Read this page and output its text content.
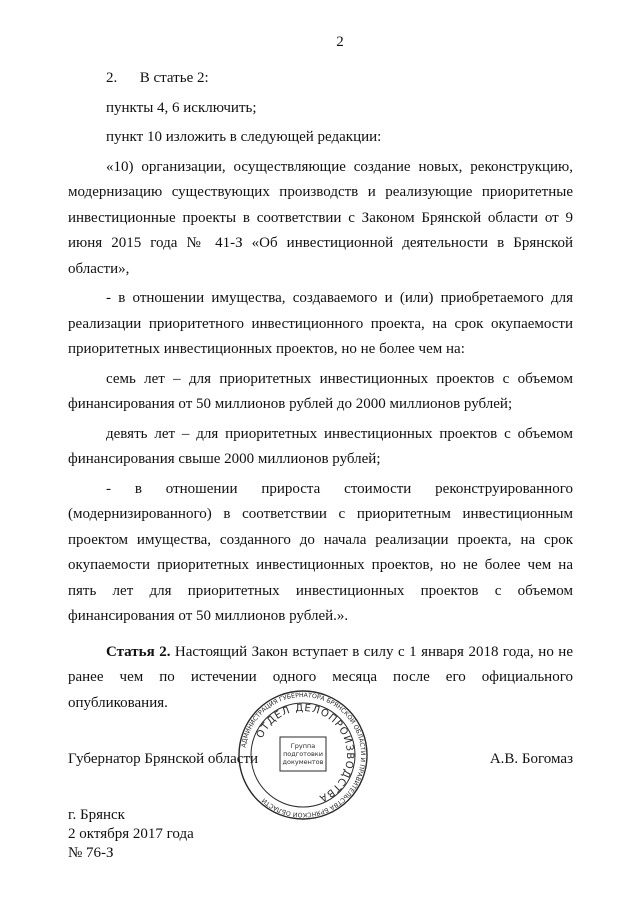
2

2.      В статье 2:

пункты 4, 6 исключить;

пункт 10 изложить в следующей редакции:

«10) организации, осуществляющие создание новых, реконструкцию, модернизацию существующих производств и реализующие приоритетные инвестиционные проекты в соответствии с Законом Брянской области от 9 июня 2015 года № 41-З «Об инвестиционной деятельности в Брянской области»,

- в отношении имущества, создаваемого и (или) приобретаемого для реализации приоритетного инвестиционного проекта, на срок окупаемости приоритетных инвестиционных проектов, но не более чем на:

семь лет – для приоритетных инвестиционных проектов с объемом финансирования от 50 миллионов рублей до 2000 миллионов рублей;

девять лет – для приоритетных инвестиционных проектов с объемом финансирования свыше 2000 миллионов рублей;

- в отношении прироста стоимости реконструированного (модернизированного) в соответствии с приоритетным инвестиционным проектом имущества, созданного до начала реализации проекта, на срок окупаемости приоритетных инвестиционных проектов, но не более чем на пять лет для приоритетных инвестиционных проектов с объемом финансирования от 50 миллионов рублей.».

Статья 2. Настоящий Закон вступает в силу с 1 января 2018 года, но не ранее чем по истечении одного месяца после его официального опубликования.

Губернатор Брянской области	А.В. Богомаз
АДМИНИСТРАЦИЯ ГУБЕРНАТОРА БРЯНСКОЙ ОБЛАСТИ И ПРАВИТЕЛЬСТВА БРЯНСКОЙ ОБЛАСТИ
ОТДЕЛ ДЕЛОПРОИЗВОДСТВА
Группа
подготовки
документов
г. Брянск
2 октября 2017 года
№ 76-З
